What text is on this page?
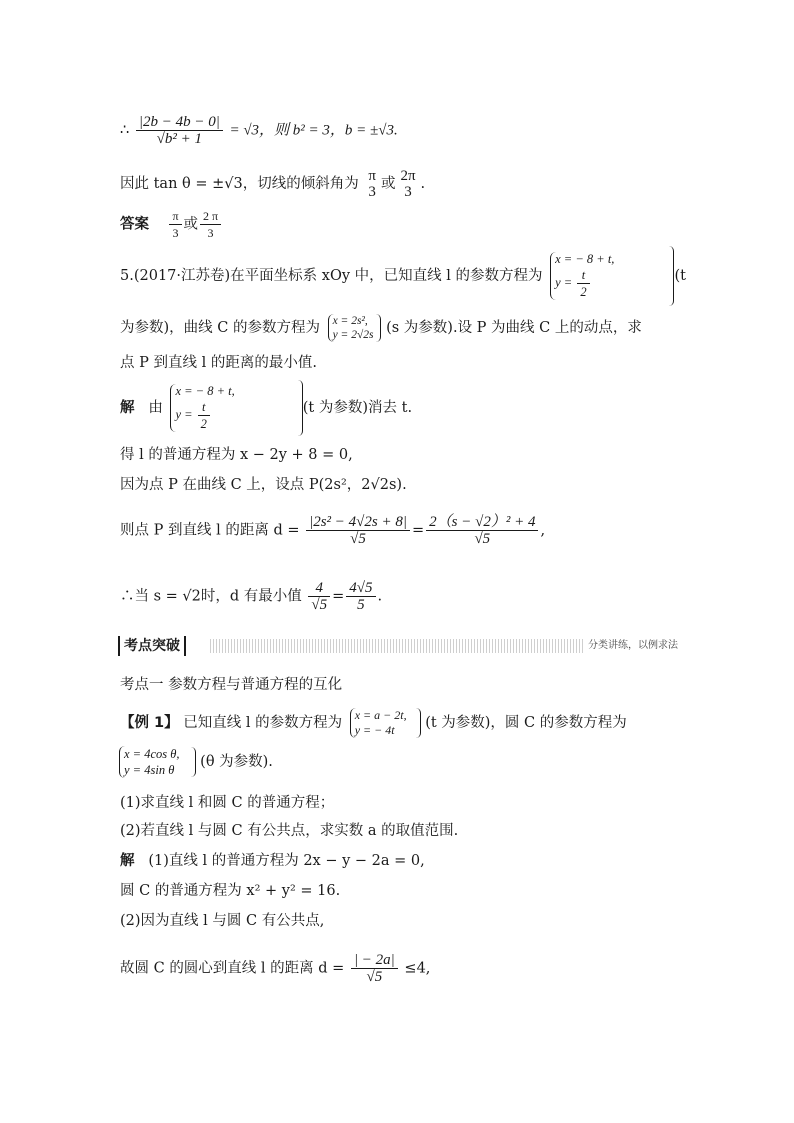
∴ $\frac{|2b - 4b - 0|}{\text{√b² + 1}} = √3$，则 b² = 3，b = ±√3.
因此 tan θ = ±√3，切线的倾斜角为 π
3 或 2π
3 .
答案 $\frac{\pi}{3}$ 或 $\frac{2 \pi}{3}$
5.(2017·江苏卷)在平面坐标系 xOy 中，已知直线 l 的参数方程为
x = − 8 + t,
$y = \frac{t}{2}$	(t
为参数)，曲线 C 的参数方程为 x = 2s²,
y = 2√2s (s 为参数).设 P 为曲线 C 上的动点，求
点 P 到直线 l 的距离的最小值.
解 由
x = − 8 + t,
$y = \frac{t}{2}$	(t 为参数)消去 t.
得 l 的普通方程为 x − 2y + 8 = 0,
因为点 P 在曲线 C 上，设点 P(2s²，2√2s).
则点 P 到直线 l 的距离 $d = \frac{\text{|2s² − 4√2s + 8|}}{√5} = \frac{\text{2（s − √2）² + 4}}{√5}$ ,
∴当 s = √2时，d 有最小值 $\frac{4}{√5} = \frac{4√5}{5}$ .
考点突破	分类讲练，以例求法
考点一 参数方程与普通方程的互化
【例 1】 已知直线 l 的参数方程为 x = a − 2t,
y = − 4t	(t 为参数)，圆 C 的参数方程为
x = 4cos θ,
y = 4sin θ	(θ 为参数).
(1)求直线 l 和圆 C 的普通方程；
(2)若直线 l 与圆 C 有公共点，求实数 a 的取值范围.
解 (1)直线 l 的普通方程为 2x − y − 2a = 0,
圆 C 的普通方程为 x² + y² = 16.
(2)因为直线 l 与圆 C 有公共点,
故圆 C 的圆心到直线 l 的距离 $d = \frac{| - 2a|}{√5} \le 4$,
